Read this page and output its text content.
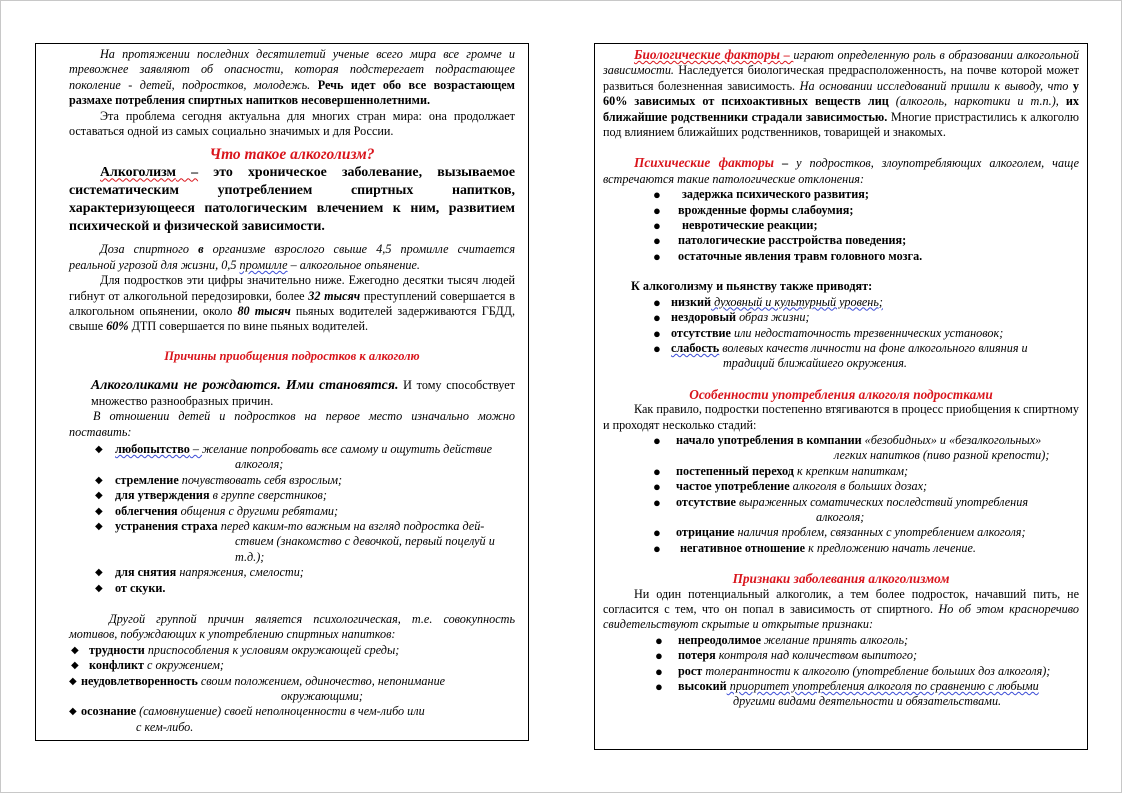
На протяжении последних десятилетий ученые всего мира все громче и тревожнее заявляют об опасности, которая подстерегает подрастающее поколение - детей, подростков, молодежь. Речь идет обо все возрастающем размахе потребления спиртных напитков несовершеннолетними.

Эта проблема сегодня актуальна для многих стран мира: она продолжает оставаться одной из самых социально значимых и для России.

Что такое алкоголизм?

Алкоголизм – это хроническое заболевание, вызываемое систематическим употреблением спиртных напитков, характеризующееся патологическим влечением к ним, развитием психической и физической зависимости.

Доза спиртного в организме взрослого свыше 4,5 промилле считается реальной угрозой для жизни, 0,5 промилле – алкогольное опьянение.

Для подростков эти цифры значительно ниже. Ежегодно десятки тысяч людей гибнут от алкогольной передозировки, более 32 тысяч преступлений совершается в алкогольном опьянении, около 80 тысяч пьяных водителей задерживаются ГБДД, свыше 60% ДТП совершается по вине пьяных водителей.

Причины приобщения подростков к алкоголю

Алкоголиками не рождаются. Ими становятся. И тому способствует множество разнообразных причин.

В отношении детей и подростков на первое место изначально можно поставить:

◆ любопытство – желание попробовать все самому и ощутить действие
алкоголя;
◆ стремление почувствовать себя взрослым;
◆ для утверждения в группе сверстников;
◆ облегчения общения с другими ребятами;
◆ устранения страха перед каким-то важным на взгляд подростка дей-
ствием (знакомство с девочкой, первый поцелуй и т.д.);
◆ для снятия напряжения, смелости;
◆ от скуки.

Другой группой причин является психологическая, т.е. совокупность мотивов, побуждающих к употреблению спиртных напитков:

◆ трудности приспособления к условиям окружающей среды;
◆ конфликт с окружением;
◆ неудовлетворенность своим положением, одиночество, непонимание
окружающими;
◆ осознание (самовнушение) своей неполноценности в чем-либо или
с кем-либо.

Биологические факторы – играют определенную роль в образовании алкогольной зависимости. Наследуется биологическая предрасположенность, на почве которой может развиться болезненная зависимость. На основании исследований пришли к выводу, что у 60% зависимых от психоактивных веществ лиц (алкоголь, наркотики и т.п.), их ближайшие родственники страдали зависимостью. Многие пристрастились к алкоголю под влиянием ближайших родственников, товарищей и знакомых.

Психические факторы – у подростков, злоупотребляющих алкоголем, чаще встречаются такие патологические отклонения:

● задержка психического развития;
● врожденные формы слабоумия;
● невротические реакции;
● патологические расстройства поведения;
● остаточные явления травм головного мозга.

К алкоголизму и пьянству также приводят:

● низкий духовный и культурный уровень;
● нездоровый образ жизни;
● отсутствие или недостаточность трезвеннических установок;
● слабость волевых качеств личности на фоне алкогольного влияния и
традиций ближайшего окружения.
Особенности употребления алкоголя подростками

Как правило, подростки постепенно втягиваются в процесс приобщения к спиртному и проходят несколько стадий:

● начало употребления в компании «безобидных» и «безалкогольных»
легких напитков (пиво разной крепости);
● постепенный переход к крепким напиткам;
● частое употребление алкоголя в больших дозах;
● отсутствие выраженных соматических последствий употребления
алкоголя;
● отрицание наличия проблем, связанных с употреблением алкоголя;
● негативное отношение к предложению начать лечение.
Признаки заболевания алкоголизмом

Ни один потенциальный алкоголик, а тем более подросток, начавший пить, не согласится с тем, что он попал в зависимость от спиртного. Но об этом красноречиво свидетельствуют скрытые и открытые признаки:

● непреодолимое желание принять алкоголь;
● потеря контроля над количеством выпитого;
● рост толерантности к алкоголю (употребление больших доз алкоголя);
● высокий приоритет употребления алкоголя по сравнению с любыми
другими видами деятельности и обязательствами.
